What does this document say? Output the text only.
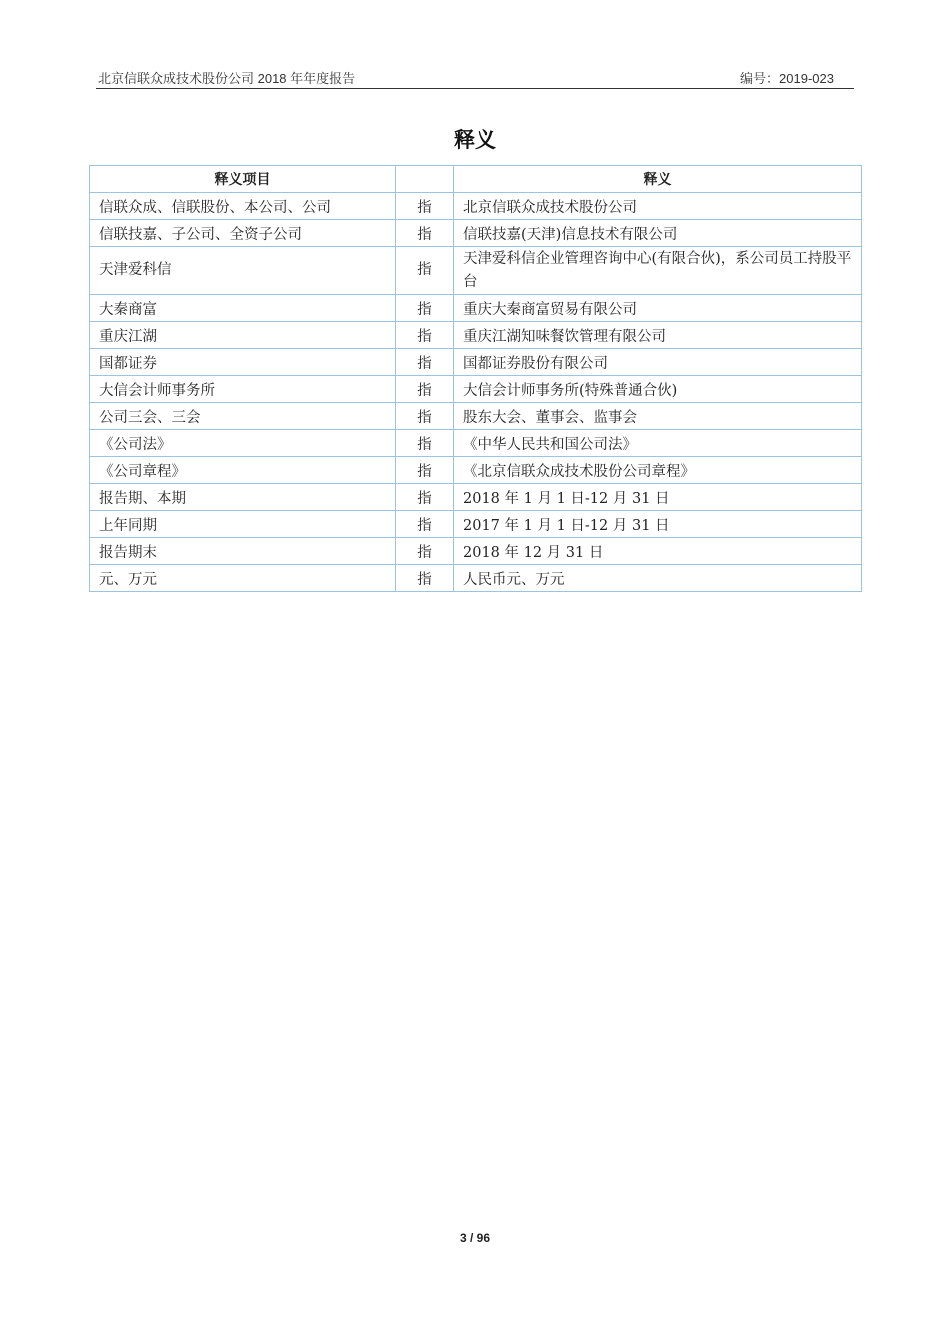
北京信联众成技术股份公司 2018 年年度报告	编号：2019-023
释义
释义项目		释义
信联众成、信联股份、本公司、公司	指	北京信联众成技术股份公司
信联技嘉、子公司、全资子公司	指	信联技嘉(天津)信息技术有限公司
天津爱科信	指	天津爱科信企业管理咨询中心(有限合伙)，系公司员工持股平台
大秦商富	指	重庆大秦商富贸易有限公司
重庆江湖	指	重庆江湖知味餐饮管理有限公司
国都证券	指	国都证券股份有限公司
大信会计师事务所	指	大信会计师事务所(特殊普通合伙)
公司三会、三会	指	股东大会、董事会、监事会
《公司法》	指	《中华人民共和国公司法》
《公司章程》	指	《北京信联众成技术股份公司章程》
报告期、本期	指	2018 年 1 月 1 日-12 月 31 日
上年同期	指	2017 年 1 月 1 日-12 月 31 日
报告期末	指	2018 年 12 月 31 日
元、万元	指	人民币元、万元
3 / 96
